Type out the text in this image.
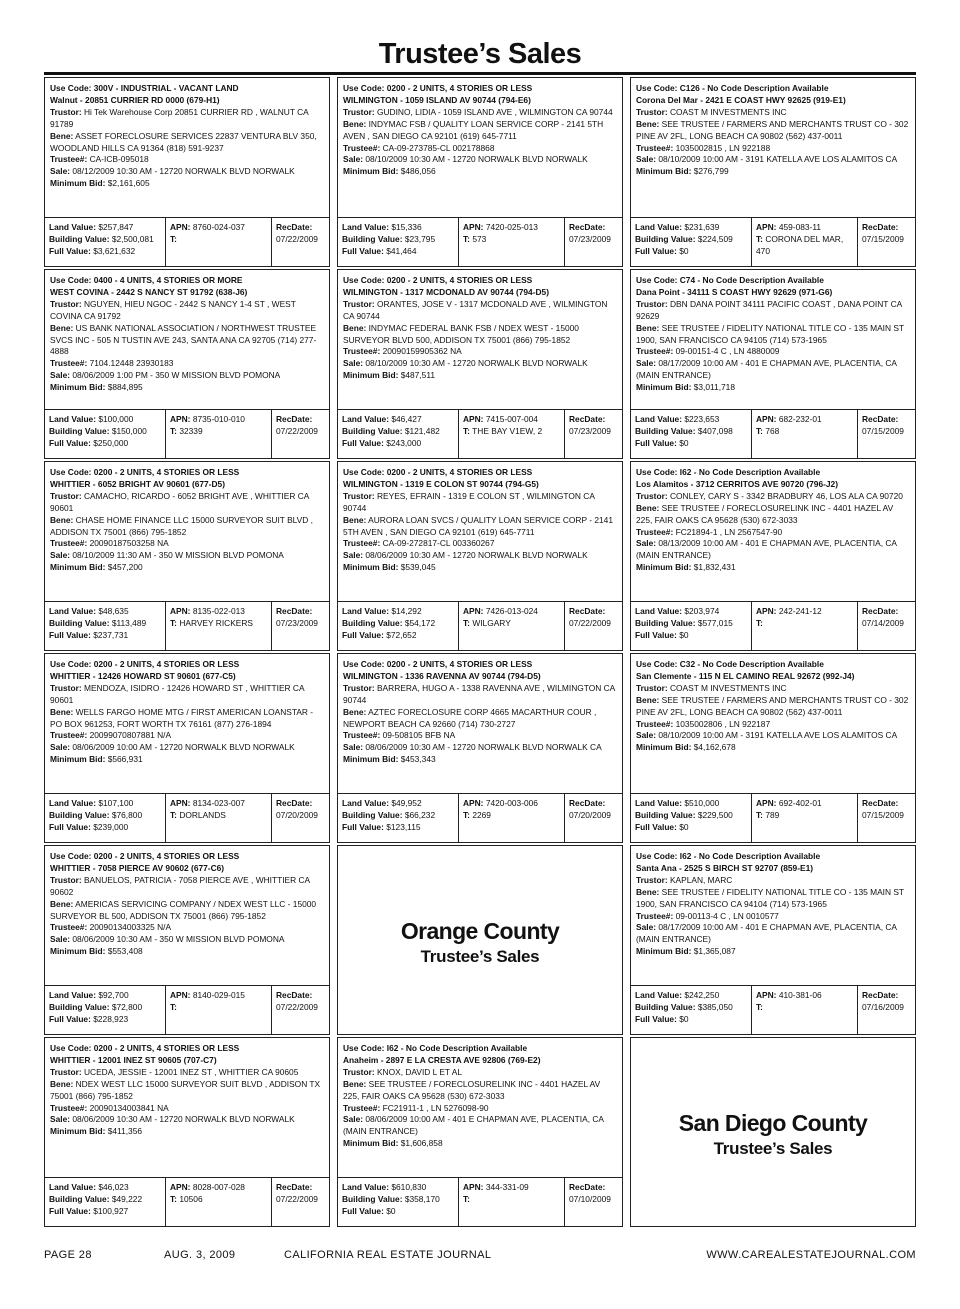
Trustee’s Sales
Use Code: 300V - INDUSTRIAL - VACANT LAND
Walnut - 20851 CURRIER RD 0000 (679-H1)
Trustor: Hi Tek Warehouse Corp 20851 CURRIER RD , WALNUT CA 91789
Bene: ASSET FORECLOSURE SERVICES 22837 VENTURA BLV 350, WOODLAND HILLS CA 91364 (818) 591-9237
Trustee#: CA-ICB-095018
Sale: 08/12/2009 10:30 AM - 12720 NORWALK BLVD NORWALK
Minimum Bid: $2,161,605
Land Value: $257,847
Building Value: $2,500,081
Full Value: $3,621,632
APN: 8760-024-037
T:
RecDate:
07/22/2009
Use Code: 0200 - 2 UNITS, 4 STORIES OR LESS
WILMINGTON - 1059 ISLAND AV 90744 (794-E6)
Trustor: GUDINO, LIDIA - 1059 ISLAND AVE , WILMINGTON CA 90744
Bene: INDYMAC FSB / QUALITY LOAN SERVICE CORP - 2141 5TH AVEN , SAN DIEGO CA 92101 (619) 645-7711
Trustee#: CA-09-273785-CL 002178868
Sale: 08/10/2009 10:30 AM - 12720 NORWALK BLVD NORWALK
Minimum Bid: $486,056
Land Value: $15,336
Building Value: $23,795
Full Value: $41,464
APN: 7420-025-013
T: 573
RecDate:
07/23/2009
Use Code: C126 - No Code Description Available
Corona Del Mar - 2421 E COAST HWY 92625 (919-E1)
Trustor: COAST M INVESTMENTS INC
Bene: SEE TRUSTEE / FARMERS AND MERCHANTS TRUST CO - 302 PINE AV 2FL, LONG BEACH CA 90802 (562) 437-0011
Trustee#: 1035002815 , LN 922188
Sale: 08/10/2009 10:00 AM - 3191 KATELLA AVE LOS ALAMITOS CA
Minimum Bid: $276,799
Land Value: $231,639
Building Value: $224,509
Full Value: $0
APN: 459-083-11
T: CORONA DEL MAR, 470
RecDate:
07/15/2009
Use Code: 0400 - 4 UNITS, 4 STORIES OR MORE
WEST COVINA - 2442 S NANCY ST 91792 (638-J6)
Trustor: NGUYEN, HIEU NGOC - 2442 S NANCY 1-4 ST , WEST COVINA CA 91792
Bene: US BANK NATIONAL ASSOCIATION / NORTHWEST TRUSTEE SVCS INC - 505 N TUSTIN AVE 243, SANTA ANA CA 92705 (714) 277-4888
Trustee#: 7104.12448 23930183
Sale: 08/06/2009 1:00 PM - 350 W MISSION BLVD POMONA
Minimum Bid: $884,895
Land Value: $100,000
Building Value: $150,000
Full Value: $250,000
APN: 8735-010-010
T: 32339
RecDate:
07/22/2009
Use Code: 0200 - 2 UNITS, 4 STORIES OR LESS
WILMINGTON - 1317 MCDONALD AV 90744 (794-D5)
Trustor: ORANTES, JOSE V - 1317 MCDONALD AVE , WILMINGTON CA 90744
Bene: INDYMAC FEDERAL BANK FSB / NDEX WEST - 15000 SURVEYOR BLVD 500, ADDISON TX 75001 (866) 795-1852
Trustee#: 20090159905362 NA
Sale: 08/10/2009 10:30 AM - 12720 NORWALK BLVD NORWALK
Minimum Bid: $487,511
Land Value: $46,427
Building Value: $121,482
Full Value: $243,000
APN: 7415-007-004
T: THE BAY V1EW, 2
RecDate:
07/23/2009
Use Code: C74 - No Code Description Available
Dana Point - 34111 S COAST HWY 92629 (971-G6)
Trustor: DBN DANA POINT 34111 PACIFIC COAST , DANA POINT CA 92629
Bene: SEE TRUSTEE / FIDELITY NATIONAL TITLE CO - 135 MAIN ST 1900, SAN FRANCISCO CA 94105 (714) 573-1965
Trustee#: 09-00151-4 C , LN 4880009
Sale: 08/17/2009 10:00 AM - 401 E CHAPMAN AVE, PLACENTIA, CA (MAIN ENTRANCE)
Minimum Bid: $3,011,718
Land Value: $223,653
Building Value: $407,098
Full Value: $0
APN: 682-232-01
T: 768
RecDate:
07/15/2009
Use Code: 0200 - 2 UNITS, 4 STORIES OR LESS
WHITTIER - 6052 BRIGHT AV 90601 (677-D5)
Trustor: CAMACHO, RICARDO - 6052 BRIGHT AVE , WHITTIER CA 90601
Bene: CHASE HOME FINANCE LLC 15000 SURVEYOR SUIT BLVD , ADDISON TX 75001 (866) 795-1852
Trustee#: 20090187503258 NA
Sale: 08/10/2009 11:30 AM - 350 W MISSION BLVD POMONA
Minimum Bid: $457,200
Land Value: $48,635
Building Value: $113,489
Full Value: $237,731
APN: 8135-022-013
T: HARVEY RICKERS
RecDate:
07/23/2009
Use Code: 0200 - 2 UNITS, 4 STORIES OR LESS
WILMINGTON - 1319 E COLON ST 90744 (794-G5)
Trustor: REYES, EFRAIN - 1319 E COLON ST , WILMINGTON CA 90744
Bene: AURORA LOAN SVCS / QUALITY LOAN SERVICE CORP - 2141 5TH AVEN , SAN DIEGO CA 92101 (619) 645-7711
Trustee#: CA-09-272817-CL 003360267
Sale: 08/06/2009 10:30 AM - 12720 NORWALK BLVD NORWALK
Minimum Bid: $539,045
Land Value: $14,292
Building Value: $54,172
Full Value: $72,652
APN: 7426-013-024
T: WILGARY
RecDate:
07/22/2009
Use Code: I62 - No Code Description Available
Los Alamitos - 3712 CERRITOS AVE 90720 (796-J2)
Trustor: CONLEY, CARY S - 3342 BRADBURY 46, LOS ALA CA 90720
Bene: SEE TRUSTEE / FORECLOSURELINK INC - 4401 HAZEL AV 225, FAIR OAKS CA 95628 (530) 672-3033
Trustee#: FC21894-1 , LN 2567547-90
Sale: 08/13/2009 10:00 AM - 401 E CHAPMAN AVE, PLACENTIA, CA (MAIN ENTRANCE)
Minimum Bid: $1,832,431
Land Value: $203,974
Building Value: $577,015
Full Value: $0
APN: 242-241-12
T:
RecDate:
07/14/2009
Use Code: 0200 - 2 UNITS, 4 STORIES OR LESS
WHITTIER - 12426 HOWARD ST 90601 (677-C5)
Trustor: MENDOZA, ISIDRO - 12426 HOWARD ST , WHITTIER CA 90601
Bene: WELLS FARGO HOME MTG / FIRST AMERICAN LOANSTAR - PO BOX 961253, FORT WORTH TX 76161 (877) 276-1894
Trustee#: 20099070807881 N/A
Sale: 08/06/2009 10:00 AM - 12720 NORWALK BLVD NORWALK
Minimum Bid: $566,931
Land Value: $107,100
Building Value: $76,800
Full Value: $239,000
APN: 8134-023-007
T: DORLANDS
RecDate:
07/20/2009
Use Code: 0200 - 2 UNITS, 4 STORIES OR LESS
WILMINGTON - 1336 RAVENNA AV 90744 (794-D5)
Trustor: BARRERA, HUGO A - 1338 RAVENNA AVE , WILMINGTON CA 90744
Bene: AZTEC FORECLOSURE CORP 4665 MACARTHUR COUR , NEWPORT BEACH CA 92660 (714) 730-2727
Trustee#: 09-508105 BFB NA
Sale: 08/06/2009 10:30 AM - 12720 NORWALK BLVD NORWALK CA
Minimum Bid: $453,343
Land Value: $49,952
Building Value: $66,232
Full Value: $123,115
APN: 7420-003-006
T: 2269
RecDate:
07/20/2009
Use Code: C32 - No Code Description Available
San Clemente - 115 N EL CAMINO REAL 92672 (992-J4)
Trustor: COAST M INVESTMENTS INC
Bene: SEE TRUSTEE / FARMERS AND MERCHANTS TRUST CO - 302 PINE AV 2FL, LONG BEACH CA 90802 (562) 437-0011
Trustee#: 1035002806 , LN 922187
Sale: 08/10/2009 10:00 AM - 3191 KATELLA AVE LOS ALAMITOS CA
Minimum Bid: $4,162,678
Land Value: $510,000
Building Value: $229,500
Full Value: $0
APN: 692-402-01
T: 789
RecDate:
07/15/2009
Use Code: 0200 - 2 UNITS, 4 STORIES OR LESS
WHITTIER - 7058 PIERCE AV 90602 (677-C6)
Trustor: BANUELOS, PATRICIA - 7058 PIERCE AVE , WHITTIER CA 90602
Bene: AMERICAS SERVICING COMPANY / NDEX WEST LLC - 15000 SURVEYOR BL 500, ADDISON TX 75001 (866) 795-1852
Trustee#: 20090134003325 N/A
Sale: 08/06/2009 10:30 AM - 350 W MISSION BLVD POMONA
Minimum Bid: $553,408
Land Value: $92,700
Building Value: $72,800
Full Value: $228,923
APN: 8140-029-015
T:
RecDate:
07/22/2009
Orange County
Trustee’s Sales
Use Code: I62 - No Code Description Available
Santa Ana - 2525 S BIRCH ST 92707 (859-E1)
Trustor: KAPLAN, MARC
Bene: SEE TRUSTEE / FIDELITY NATIONAL TITLE CO - 135 MAIN ST 1900, SAN FRANCISCO CA 94104 (714) 573-1965
Trustee#: 09-00113-4 C , LN 0010577
Sale: 08/17/2009 10:00 AM - 401 E CHAPMAN AVE, PLACENTIA, CA (MAIN ENTRANCE)
Minimum Bid: $1,365,087
Land Value: $242,250
Building Value: $385,050
Full Value: $0
APN: 410-381-06
T:
RecDate:
07/16/2009
Use Code: 0200 - 2 UNITS, 4 STORIES OR LESS
WHITTIER - 12001 INEZ ST 90605 (707-C7)
Trustor: UCEDA, JESSIE - 12001 INEZ ST , WHITTIER CA 90605
Bene: NDEX WEST LLC 15000 SURVEYOR SUIT BLVD , ADDISON TX 75001 (866) 795-1852
Trustee#: 20090134003841 NA
Sale: 08/06/2009 10:30 AM - 12720 NORWALK BLVD NORWALK
Minimum Bid: $411,356
Land Value: $46,023
Building Value: $49,222
Full Value: $100,927
APN: 8028-007-028
T: 10506
RecDate:
07/22/2009
Use Code: I62 - No Code Description Available
Anaheim - 2897 E LA CRESTA AVE 92806 (769-E2)
Trustor: KNOX, DAVID L ET AL
Bene: SEE TRUSTEE / FORECLOSURELINK INC - 4401 HAZEL AV 225, FAIR OAKS CA 95628 (530) 672-3033
Trustee#: FC21911-1 , LN 5276098-90
Sale: 08/06/2009 10:00 AM - 401 E CHAPMAN AVE, PLACENTIA, CA (MAIN ENTRANCE)
Minimum Bid: $1,606,858
Land Value: $610,830
Building Value: $358,170
Full Value: $0
APN: 344-331-09
T:
RecDate:
07/10/2009
San Diego County
Trustee’s Sales
PAGE 28	AUG. 3, 2009	CALIFORNIA REAL ESTATE JOURNAL	WWW.CAREALESTATEJOURNAL.COM
